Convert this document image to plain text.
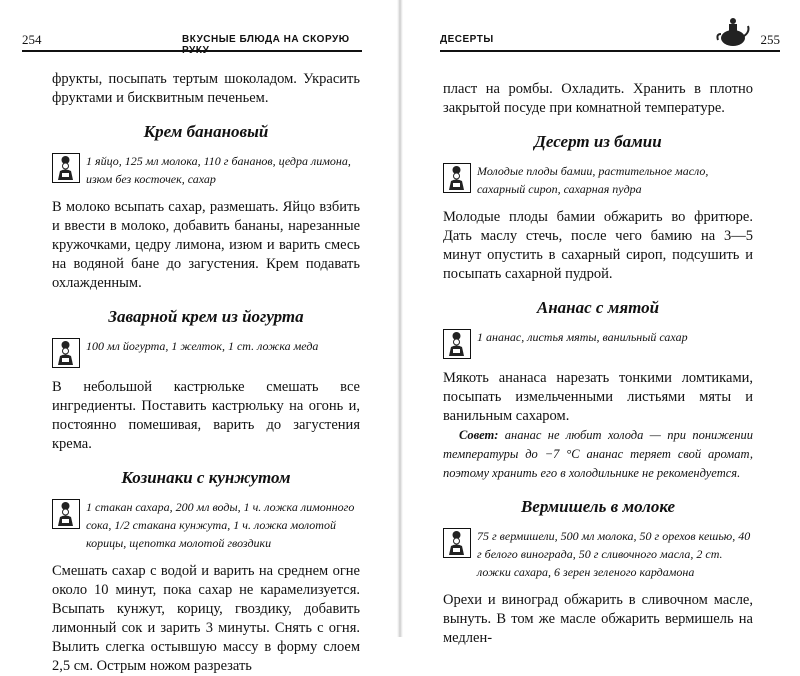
254	ВКУСНЫЕ БЛЮДА НА СКОРУЮ РУКУ

фрукты, посыпать тертым шоколадом. Украсить фруктами и бисквитным печеньем.

Крем банановый
1 яйцо, 125 мл молока, 110 г бананов, цедра лимона, изюм без косточек, сахар

В молоко всыпать сахар, размешать. Яйцо взбить и ввести в молоко, добавить бананы, нарезанные кружочками, цедру лимона, изюм и варить смесь на водяной бане до загустения. Крем подавать охлажденным.

Заварной крем из йогурта
100 мл йогурта, 1 желток, 1 ст. ложка меда

В небольшой кастрюльке смешать все ингредиенты. Поставить кастрюльку на огонь и, постоянно помешивая, варить до загустения крема.

Козинаки с кунжутом
1 стакан сахара, 200 мл воды, 1 ч. ложка лимонного сока, 1/2 стакана кунжута, 1 ч. ложка молотой корицы, щепотка молотой гвоздики

Смешать сахар с водой и варить на среднем огне около 10 минут, пока сахар не карамелизуется. Всыпать кунжут, корицу, гвоздику, добавить лимонный сок и зарить 3 минуты. Снять с огня. Вылить слегка остывшую массу в форму слоем 2,5 см. Острым ножом разрезать

ДЕСЕРТЫ	255

пласт на ромбы. Охладить. Хранить в плотно закрытой посуде при комнатной температуре.

Десерт из бамии
Молодые плоды бамии, растительное масло, сахарный сироп, сахарная пудра

Молодые плоды бамии обжарить во фритюре. Дать маслу стечь, после чего бамию на 3—5 минут опустить в сахарный сироп, подсушить и посыпать сахарной пудрой.

Ананас с мятой
1 ананас, листья мяты, ванильный сахар

Мякоть ананаса нарезать тонкими ломтиками, посыпать измельченными листьями мяты и ванильным сахаром.

Совет: ананас не любит холода — при понижении температуры до −7 °C ананас теряет свой аромат, поэтому хранить его в холодильнике не рекомендуется.

Вермишель в молоке
75 г вермишели, 500 мл молока, 50 г орехов кешью, 40 г белого винограда, 50 г сливочного масла, 2 ст. ложки сахара, 6 зерен зеленого кардамона

Орехи и виноград обжарить в сливочном масле, вынуть. В том же масле обжарить вермишель на медлен-
